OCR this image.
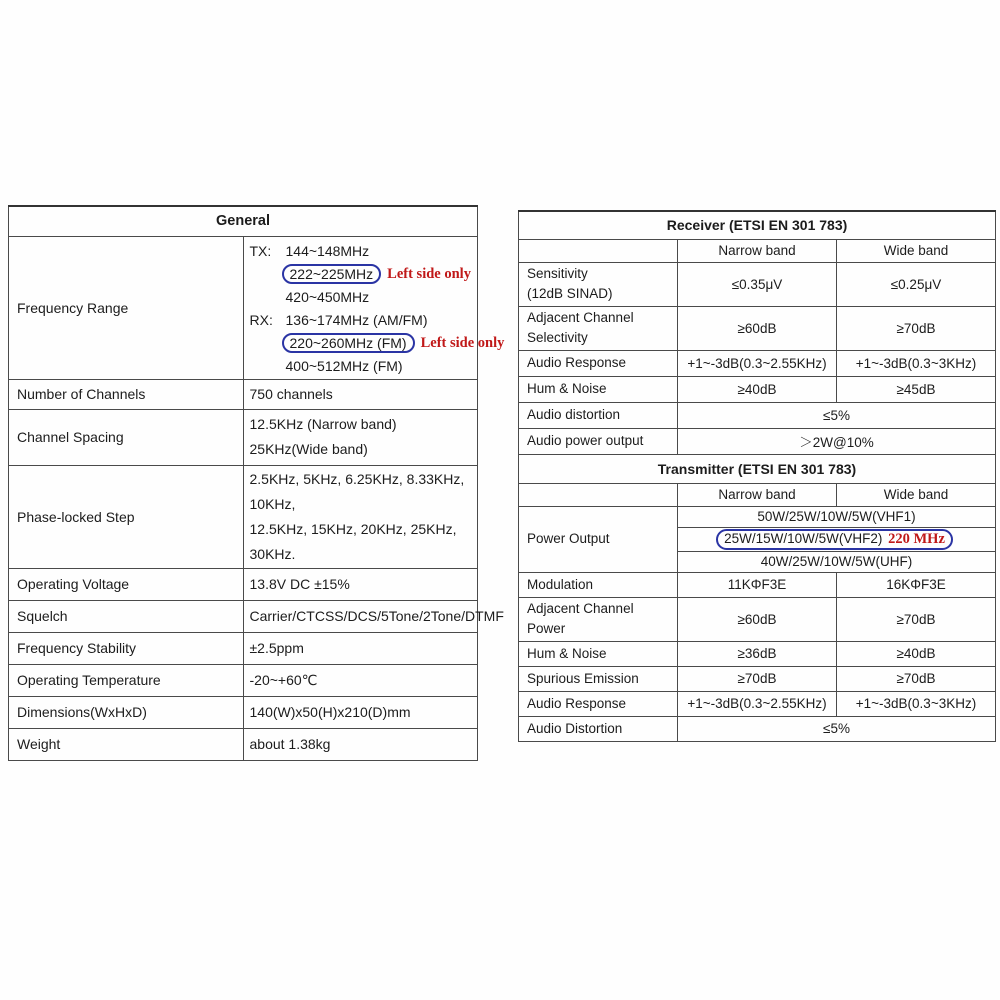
General	
Frequency Range	
TX:	144~148MHz
222~225MHz Left side only
420~450MHz
RX: 136~174MHz (AM/FM)
220~260MHz (FM) Left side only
400~512MHz (FM)

Number of Channels	750 channels
Channel Spacing	12.5KHz (Narrow band)
25KHz(Wide band)

Phase-locked Step	2.5KHz, 5KHz, 6.25KHz, 8.33KHz, 10KHz,
12.5KHz, 15KHz, 20KHz, 25KHz, 30KHz.

Operating Voltage	13.8V DC ±15%
Squelch	Carrier/CTCSS/DCS/5Tone/2Tone/DTMF
Frequency Stability	±2.5ppm
Operating Temperature	-20~+60℃
Dimensions(WxHxD)	140(W)x50(H)x210(D)mm
Weight	about 1.38kg
Receiver (ETSI EN 301 783)		
	Narrow band	Wide band

Sensitivity
(12dB SINAD)	≤0.35μV	≤0.25μV

Adjacent Channel
Selectivity	≥60dB	≥70dB
Audio Response	+1~-3dB(0.3~2.55KHz)	+1~-3dB(0.3~3KHz)
Hum & Noise	≥40dB	≥45dB
Audio distortion	≤5%	
Audio power output	＞2W@10%	
Transmitter (ETSI EN 301 783)		
	Narrow band	Wide band
Power Output	50W/25W/10W/5W(VHF1)	
	25W/15W/10W/5W(VHF2) 220 MHz	
	40W/25W/10W/5W(UHF)	
Modulation	11KΦF3E	16KΦF3E

Adjacent Channel
Power	≥60dB	≥70dB
Hum & Noise	≥36dB	≥40dB
Spurious Emission	≥70dB	≥70dB
Audio Response	+1~-3dB(0.3~2.55KHz)	+1~-3dB(0.3~3KHz)
Audio Distortion	≤5%	
